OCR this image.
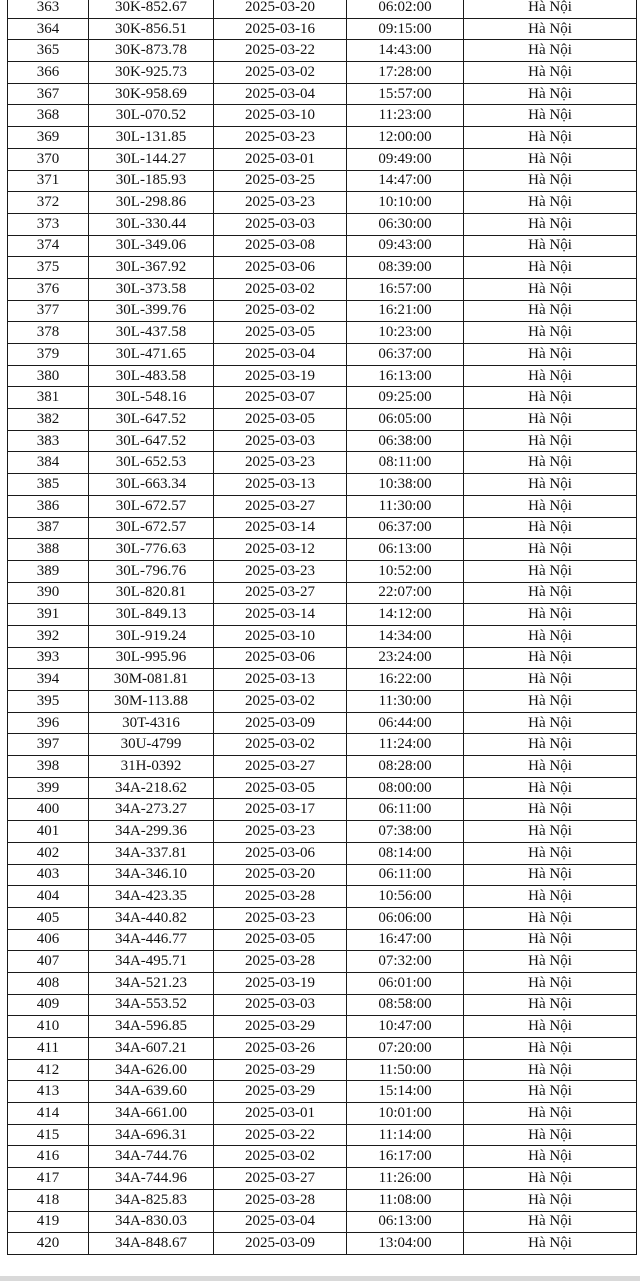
363	30K-852.67	2025-03-20	06:02:00	Hà Nội
364	30K-856.51	2025-03-16	09:15:00	Hà Nội
365	30K-873.78	2025-03-22	14:43:00	Hà Nội
366	30K-925.73	2025-03-02	17:28:00	Hà Nội
367	30K-958.69	2025-03-04	15:57:00	Hà Nội
368	30L-070.52	2025-03-10	11:23:00	Hà Nội
369	30L-131.85	2025-03-23	12:00:00	Hà Nội
370	30L-144.27	2025-03-01	09:49:00	Hà Nội
371	30L-185.93	2025-03-25	14:47:00	Hà Nội
372	30L-298.86	2025-03-23	10:10:00	Hà Nội
373	30L-330.44	2025-03-03	06:30:00	Hà Nội
374	30L-349.06	2025-03-08	09:43:00	Hà Nội
375	30L-367.92	2025-03-06	08:39:00	Hà Nội
376	30L-373.58	2025-03-02	16:57:00	Hà Nội
377	30L-399.76	2025-03-02	16:21:00	Hà Nội
378	30L-437.58	2025-03-05	10:23:00	Hà Nội
379	30L-471.65	2025-03-04	06:37:00	Hà Nội
380	30L-483.58	2025-03-19	16:13:00	Hà Nội
381	30L-548.16	2025-03-07	09:25:00	Hà Nội
382	30L-647.52	2025-03-05	06:05:00	Hà Nội
383	30L-647.52	2025-03-03	06:38:00	Hà Nội
384	30L-652.53	2025-03-23	08:11:00	Hà Nội
385	30L-663.34	2025-03-13	10:38:00	Hà Nội
386	30L-672.57	2025-03-27	11:30:00	Hà Nội
387	30L-672.57	2025-03-14	06:37:00	Hà Nội
388	30L-776.63	2025-03-12	06:13:00	Hà Nội
389	30L-796.76	2025-03-23	10:52:00	Hà Nội
390	30L-820.81	2025-03-27	22:07:00	Hà Nội
391	30L-849.13	2025-03-14	14:12:00	Hà Nội
392	30L-919.24	2025-03-10	14:34:00	Hà Nội
393	30L-995.96	2025-03-06	23:24:00	Hà Nội
394	30M-081.81	2025-03-13	16:22:00	Hà Nội
395	30M-113.88	2025-03-02	11:30:00	Hà Nội
396	30T-4316	2025-03-09	06:44:00	Hà Nội
397	30U-4799	2025-03-02	11:24:00	Hà Nội
398	31H-0392	2025-03-27	08:28:00	Hà Nội
399	34A-218.62	2025-03-05	08:00:00	Hà Nội
400	34A-273.27	2025-03-17	06:11:00	Hà Nội
401	34A-299.36	2025-03-23	07:38:00	Hà Nội
402	34A-337.81	2025-03-06	08:14:00	Hà Nội
403	34A-346.10	2025-03-20	06:11:00	Hà Nội
404	34A-423.35	2025-03-28	10:56:00	Hà Nội
405	34A-440.82	2025-03-23	06:06:00	Hà Nội
406	34A-446.77	2025-03-05	16:47:00	Hà Nội
407	34A-495.71	2025-03-28	07:32:00	Hà Nội
408	34A-521.23	2025-03-19	06:01:00	Hà Nội
409	34A-553.52	2025-03-03	08:58:00	Hà Nội
410	34A-596.85	2025-03-29	10:47:00	Hà Nội
411	34A-607.21	2025-03-26	07:20:00	Hà Nội
412	34A-626.00	2025-03-29	11:50:00	Hà Nội
413	34A-639.60	2025-03-29	15:14:00	Hà Nội
414	34A-661.00	2025-03-01	10:01:00	Hà Nội
415	34A-696.31	2025-03-22	11:14:00	Hà Nội
416	34A-744.76	2025-03-02	16:17:00	Hà Nội
417	34A-744.96	2025-03-27	11:26:00	Hà Nội
418	34A-825.83	2025-03-28	11:08:00	Hà Nội
419	34A-830.03	2025-03-04	06:13:00	Hà Nội
420	34A-848.67	2025-03-09	13:04:00	Hà Nội
